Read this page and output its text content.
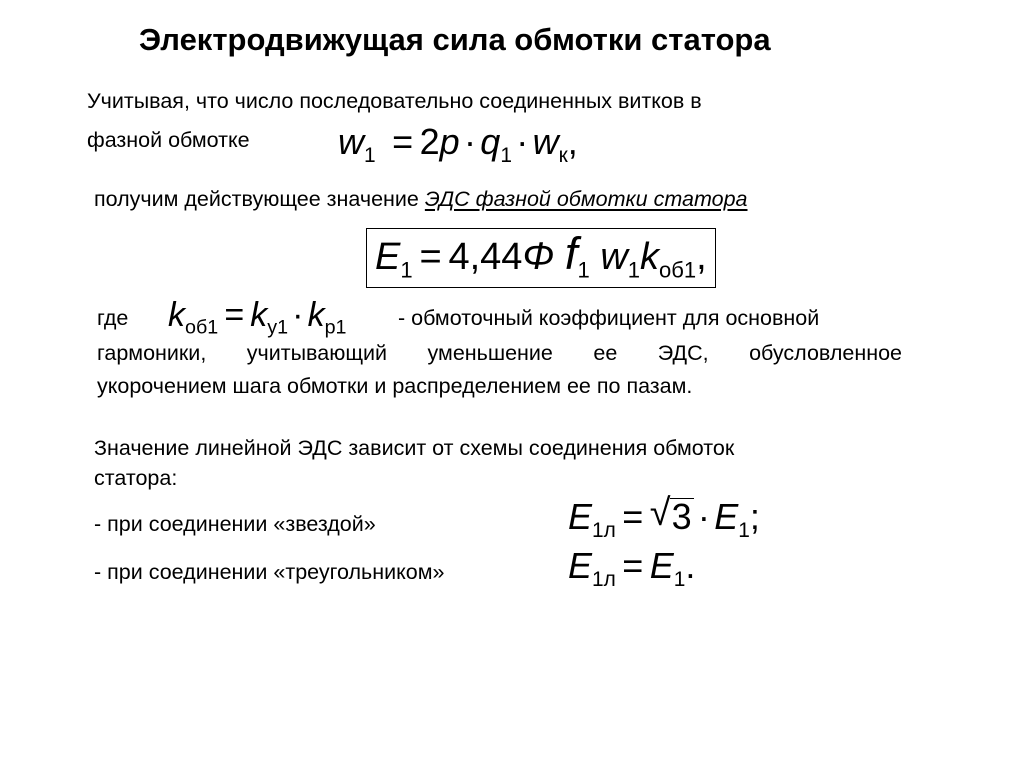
Электродвижущая сила обмотки статора
Учитывая, что число последовательно соединенных витков в
фазной обмотке $w_1 = 2p \cdot q_1 \cdot w_к$,
получим действующее значение ЭДС фазной обмотки статора
$E_1 = 4,44\Phi$ $f_1$ $w_1k_{об1}$,
где $k_{об1} = k_{у1} \cdot k_{р1}$ - обмоточный коэффициент для основной
гармоники, учитывающий уменьшение ее ЭДС, обусловленное
укорочением шага обмотки и распределением ее по пазам.
Значение линейной ЭДС зависит от схемы соединения обмоток
статора:
- при соединении «звездой»	$E_{1л}$ = √ $3 \cdot E_1$;
- при соединении «треугольником»	$E_{1л} = E_1$.
